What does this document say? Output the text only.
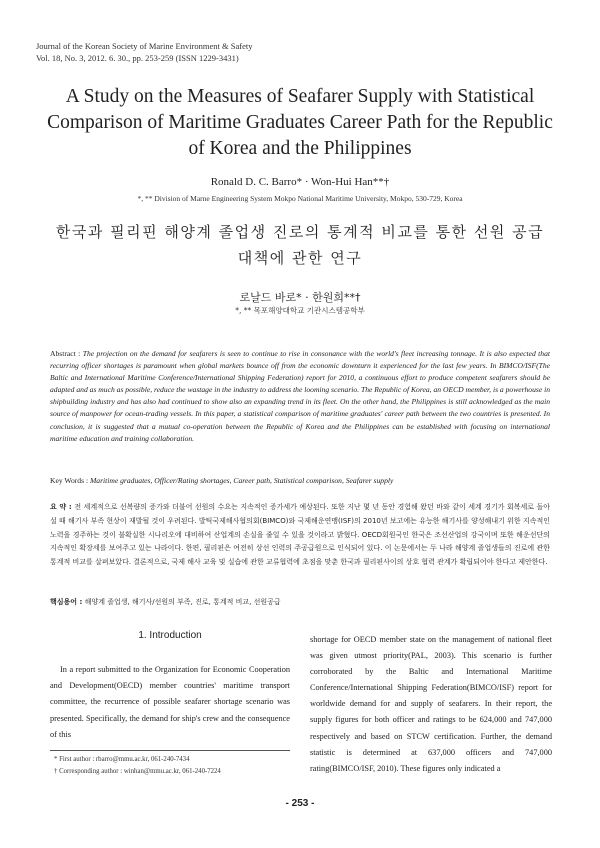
Journal of the Korean Society of Marine Environment & Safety
Vol. 18, No. 3, 2012. 6. 30., pp. 253-259 (ISSN 1229-3431)
A Study on the Measures of Seafarer Supply with Statistical Comparison of Maritime Graduates Career Path for the Republic of Korea and the Philippines
Ronald D. C. Barro* · Won-Hui Han**†
*, ** Division of Marne Engineering System Mokpo National Maritime University, Mokpo, 530-729, Korea
한국과 필리핀 해양계 졸업생 진로의 통계적 비교를 통한 선원 공급 대책에 관한 연구
로날드 바로* · 한원희**†
*, ** 목포해양대학교 기관시스템공학부
Abstract : The projection on the demand for seafarers is seen to continue to rise in consonance with the world's fleet increasing tonnage. It is also expected that recurring officer shortages is paramount when global markets bounce off from the economic downturn it experienced for the last few years. In BIMCO/ISF(The Baltic and International Maritime Conference/International Shipping Federation) report for 2010, a continuous effort to produce competent seafarers should be adapted and as much as possible, reduce the wastage in the industry to address the looming scenario. The Republic of Korea, an OECD member, is a powerhouse in shipbuilding industry and has also had continued to show also an expanding trend in its fleet. On the other hand, the Philippines is still acknowledged as the main source of manpower for ocean-trading vessels. In this paper, a statistical comparison of maritime graduates' career path between the two countries is presented. In conclusion, it is suggested that a mutual co-operation between the Republic of Korea and the Philippines can be established with focusing on international maritime education and training collaboration.
Key Words : Maritime graduates, Officer/Rating shortages, Career path, Statistical comparison, Seafarer supply
요 약 : 전 세계적으로 선복량의 증가와 더불어 선원의 수요는 지속적인 증가세가 예상된다. 또한 지난 몇 년 동안 경험해 왔던 바와 같이 세계 경기가 회복세로 돌아설 때 해기사 부족 현상이 재발될 것이 우려된다. 발틱국제해사협의회(BIMCO)와 국제해운연맹(ISF)의 2010년 보고에는 유능한 해기사를 양성해내기 위한 지속적인 노력을 경주하는 것이 불확실한 시나리오에 대비하여 산업계의 손실을 줄일 수 있을 것이라고 밝혔다. OECD회원국인 한국은 조선산업의 강국이며 또한 해운선단의 지속적인 확장세를 보여주고 있는 나라이다. 한편, 필리핀은 여전히 상선 인력의 주공급원으로 인식되어 있다. 이 논문에서는 두 나라 해양계 졸업생들의 진로에 관한 통계적 비교를 살펴보았다. 결론적으로, 국제 해사 교육 및 실습에 관한 교류협력에 초점을 맞춘 한국과 필리핀사이의 상호 협력 관계가 확립되어야 한다고 제안한다.
핵심용어 : 해양계 졸업생, 해기사/선원의 부족, 진로, 통계적 비교, 선원공급
1. Introduction
In a report submitted to the Organization for Economic Cooperation and Development(OECD) member countries' maritime transport committee, the recurrence of possible seafarer shortage scenario was presented. Specifically, the demand for ship's crew and the consequence of this
shortage for OECD member state on the management of national fleet was given utmost priority(PAL, 2003). This scenario is further corroborated by the Baltic and International Maritime Conference/International Shipping Federation(BIMCO/ISF) report for worldwide demand for and supply of seafarers. In their report, the supply figures for both officer and ratings to be 624,000 and 747,000 respectively and based on STCW certification. Further, the demand statistic is determined at 637,000 officers and 747,000 rating(BIMCO/ISF, 2010). These figures only indicated a
* First author : rbarro@mmu.ac.kr, 061-240-7434
† Corresponding author : winhan@mmu.ac.kr, 061-240-7224
- 253 -
